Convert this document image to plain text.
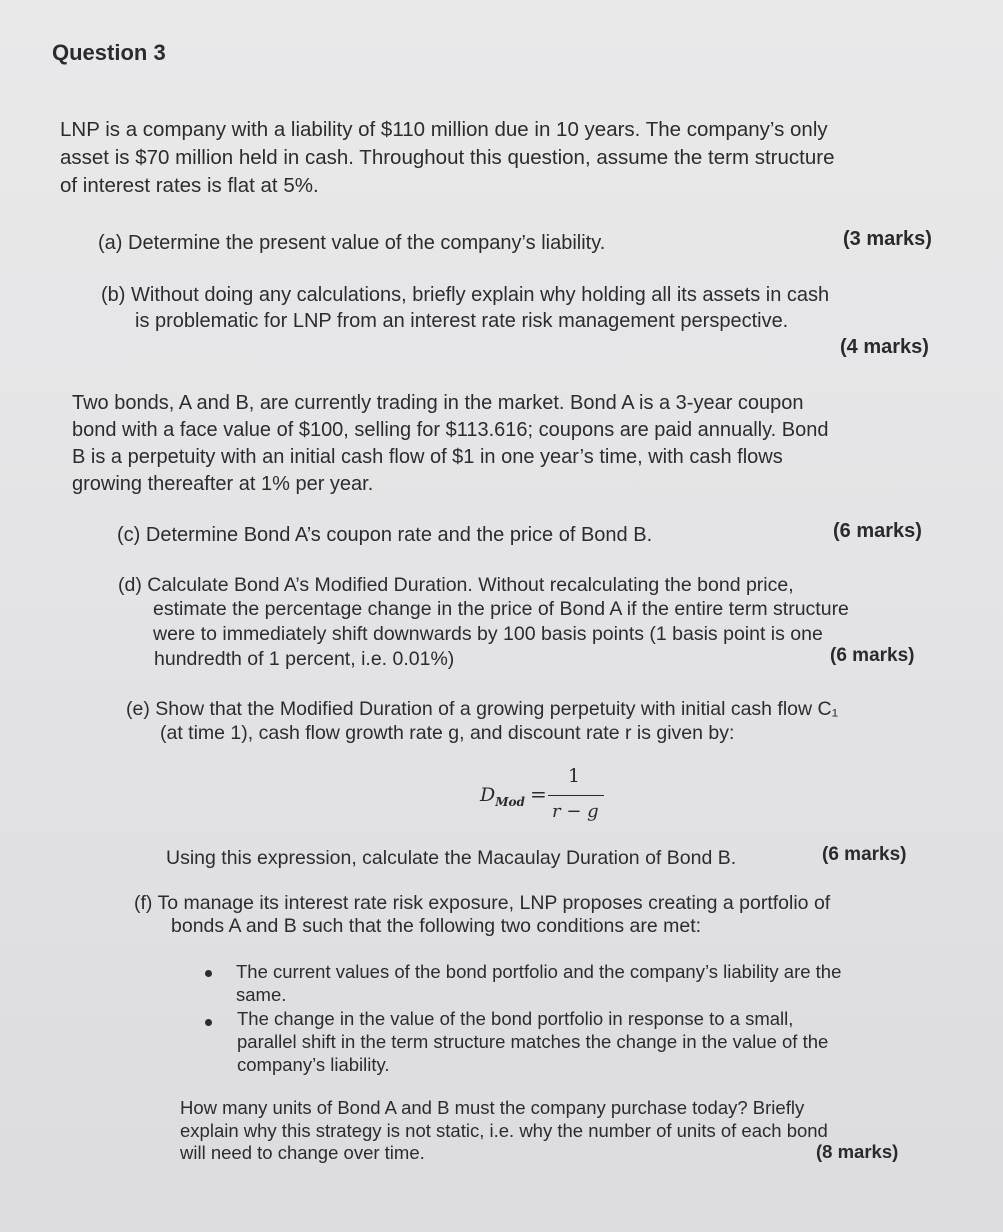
Question 3
LNP is a company with a liability of $110 million due in 10 years. The company’s only
asset is $70 million held in cash. Throughout this question, assume the term structure
of interest rates is flat at 5%.
(a) Determine the present value of the company’s liability.	(3 marks)
(b) Without doing any calculations, briefly explain why holding all its assets in cash
is problematic for LNP from an interest rate risk management perspective.
(4 marks)
Two bonds, A and B, are currently trading in the market. Bond A is a 3-year coupon
bond with a face value of $100, selling for $113.616; coupons are paid annually. Bond
B is a perpetuity with an initial cash flow of $1 in one year’s time, with cash flows
growing thereafter at 1% per year.
(c) Determine Bond A’s coupon rate and the price of Bond B.	(6 marks)
(d) Calculate Bond A’s Modified Duration. Without recalculating the bond price,
estimate the percentage change in the price of Bond A if the entire term structure
were to immediately shift downwards by 100 basis points (1 basis point is one
hundredth of 1 percent, i.e. 0.01%)	(6 marks)
(e) Show that the Modified Duration of a growing perpetuity with initial cash flow C₁
(at time 1), cash flow growth rate g, and discount rate r is given by:
$D_{Mod}$ =
1
r − g
Using this expression, calculate the Macaulay Duration of Bond B.	(6 marks)
(f) To manage its interest rate risk exposure, LNP proposes creating a portfolio of
bonds A and B such that the following two conditions are met:
The current values of the bond portfolio and the company’s liability are the
same.
The change in the value of the bond portfolio in response to a small,
parallel shift in the term structure matches the change in the value of the
company’s liability.
How many units of Bond A and B must the company purchase today? Briefly
explain why this strategy is not static, i.e. why the number of units of each bond
will need to change over time.	(8 marks)
